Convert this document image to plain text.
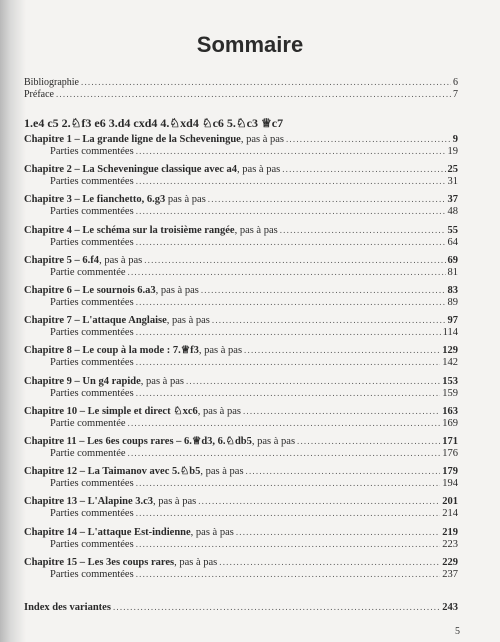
Sommaire
Bibliographie .....	6
Préface .....	7
1.e4 c5 2.♘f3 e6 3.d4 cxd4 4.♘xd4 ♘c6 5.♘c3 ♕c7
Chapitre 1 – La grande ligne de la Scheveningue, pas à pas .....	9
Parties commentées .....	19
Chapitre 2 – La Scheveningue classique avec a4, pas à pas .....	25
Parties commentées .....	31
Chapitre 3 – Le fianchetto, 6.g3 pas à pas .....	37
Parties commentées .....	48
Chapitre 4 – Le schéma sur la troisième rangée, pas à pas .....	55
Parties commentées .....	64
Chapitre 5 – 6.f4, pas à pas .....	69
Partie commentée .....	81
Chapitre 6 – Le sournois 6.a3, pas à pas .....	83
Parties commentées .....	89
Chapitre 7 – L'attaque Anglaise, pas à pas .....	97
Parties commentées .....	114
Chapitre 8 – Le coup à la mode : 7.♕f3, pas à pas .....	129
Parties commentées .....	142
Chapitre 9 – Un g4 rapide, pas à pas .....	153
Parties commentées .....	159
Chapitre 10 – Le simple et direct ♘xc6, pas à pas .....	163
Partie commentée .....	169
Chapitre 11 – Les 6es coups rares – 6.♕d3, 6.♘db5, pas à pas .....	171
Partie commentée .....	176
Chapitre 12 – La Taimanov avec 5.♘b5, pas à pas .....	179
Parties commentées .....	194
Chapitre 13 – L'Alapine 3.c3, pas à pas .....	201
Parties commentées .....	214
Chapitre 14 – L'attaque Est-indienne, pas à pas .....	219
Parties commentées .....	223
Chapitre 15 – Les 3es coups rares, pas à pas .....	229
Parties commentées .....	237
Index des variantes .....	243
5
